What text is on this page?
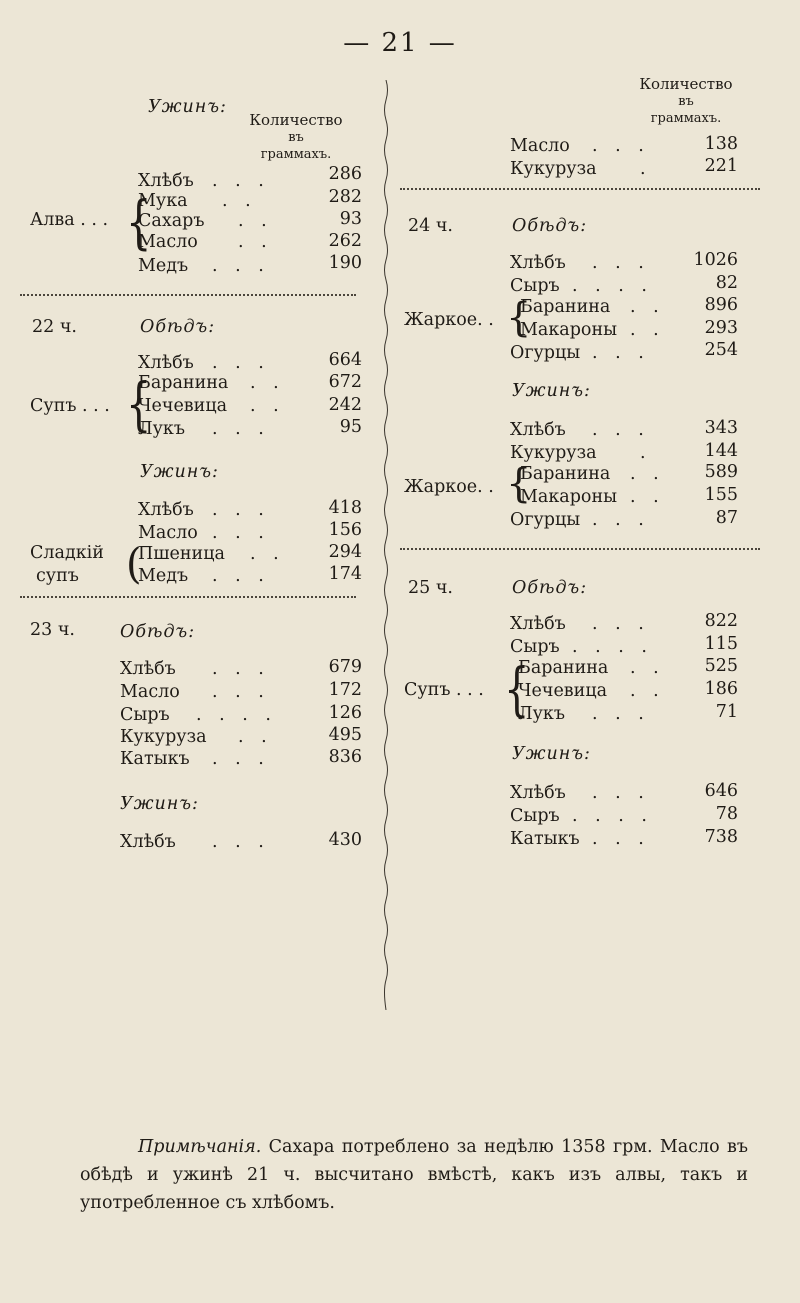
— 21 —
Ужинъ:
Количество
въ
граммахъ.
Хлѣбъ . . .	286
Алва . . . {
Мука . .	282
Сахаръ . .	93
Масло . .	262
Медъ . . .	190
22 ч.	Обѣдъ:
Хлѣбъ . . .	664
Супъ . . . {
Баранина . .	672
Чечевица . .	242
Лукъ . . .	95
Ужинъ:
Хлѣбъ . . .	418
Масло . . .	156
Сладкій
супъ (
Пшеница . .	294
Медъ . . .	174
23 ч.	Обѣдъ:
Хлѣбъ . . .	679
Масло . . .	172
Сыръ . . . .	126
Кукуруза . .	495
Катыкъ . . .	836
Ужинъ:
Хлѣбъ . . .	430
Количество
въ
граммахъ.
Масло . . .	138
Кукуруза .	221
24 ч.	Обѣдъ:
Хлѣбъ . . .	1026
Сыръ . . . .	82
Жаркое. . {
Баранина . .	896
Макароны . .	293
Огурцы . . .	254
Ужинъ:
Хлѣбъ . . .	343
Кукуруза .	144
Жаркое. . {
Баранина . .	589
Макароны . .	155
Огурцы . . .	87
25 ч.	Обѣдъ:
Хлѣбъ . . .	822
Сыръ . . . .	115
Супъ . . . {
Баранина . .	525
Чечевица . .	186
Лукъ . . .	71
Ужинъ:
Хлѣбъ . . .	646
Сыръ . . . .	78
Катыкъ . . .	738
Примѣчанія. Сахара потреблено за недѣлю 1358 грм. Масло въ обѣдѣ и ужинѣ 21 ч. высчитано вмѣстѣ, какъ изъ алвы, такъ и употребленное съ хлѣбомъ.
